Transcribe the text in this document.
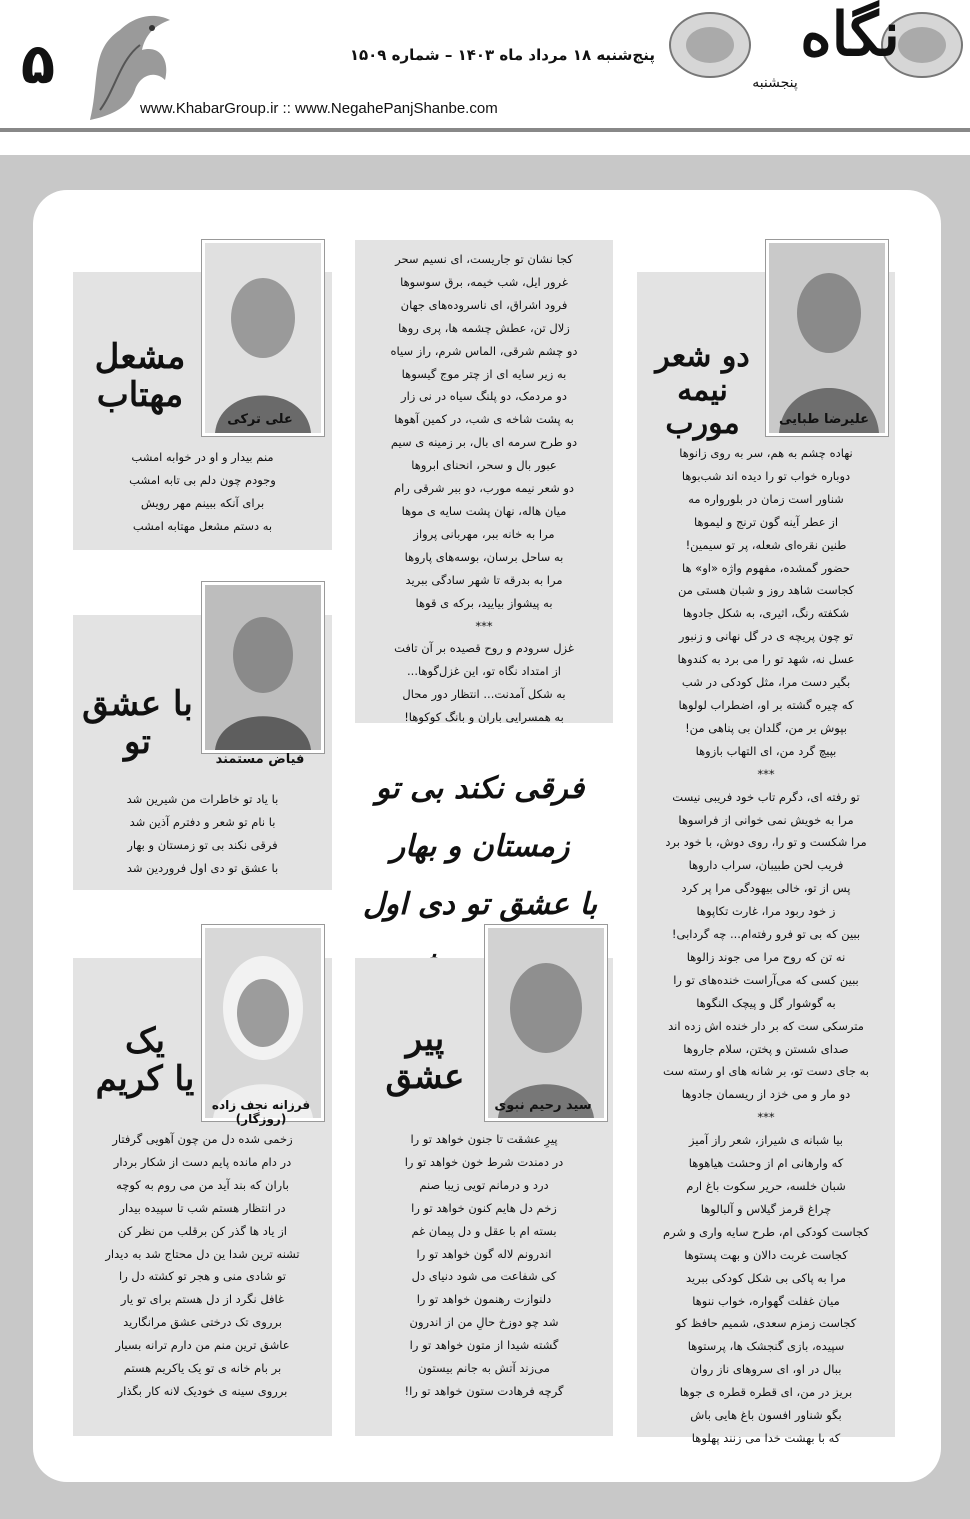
۵	پنج‌شنبه ۱۸ مرداد ماه ۱۴۰۳ – شماره ۱۵۰۹
www.KhabarGroup.ir :: www.NegahePanjShanbe.com
نگاه
پنجشنبه
دو شعر
نیمه مورب	علیرضا طبایی
نهاده چشم به هم، سر به روی زانوها
دوباره خواب تو را دیده اند شب‌بوها
شناور است زمان در بلورواره مه
از عطر آینه گون ترنج و لیموها
طنین نقره‌ای شعله، پر تو سیمین!
حضور گمشده، مفهوم واژه «او» ها
کجاست شاهد روز و شبان هستی من
شکفته رنگ، اثیری، به شکل جادوها
تو چون پریچه ی در گل نهانی و زنبور
عسل نه، شهد تو را می برد به کندوها
بگیر دست مرا، مثل کودکی در شب
که چیره گشته بر او، اضطراب لولوها
بپوش بر من، گلدان بی پناهی من!
بپیچ گرد من، ای التهاب بازوها
***
تو رفته ای، دگرم تاب خود فریبی نیست
مرا به خویش نمی خوانی از فراسوها
مرا شکست و تو را، روی دوش، با خود برد
فریب لحن طبیبان، سراب داروها
پس از تو، خالی بیهودگی مرا پر کرد
ز خود ربود مرا، غارت تکاپوها
ببین که بی تو فرو رفته‌ام... چه گردابی!
نه تن که روح مرا می جوند زالوها
ببین کسی که می‌آراست خنده‌های تو را
به گوشوار گل و پیچک النگوها
مترسکی ست که بر دار خنده اش زده اند
صدای شستن و پختن، سلام جاروها
به جای دست تو، بر شانه های او رسته ست
دو مار و می خزد از ریسمان جادوها
***
بیا شبانه ی شیراز، شعر راز آمیز
که وارهانی ام از وحشت هیاهوها
شبان خلسه، حریر سکوت باغ ارم
چراغ قرمز گیلاس و آلبالوها
کجاست کودکی ام، طرح سایه واری و شرم
کجاست غربت دالان و بهت پستوها
مرا به پاکی بی شکل کودکی ببرید
میان غفلت گهواره، خواب ننوها
کجاست زمزم سعدی، شمیم حافظ کو
سپیده، بازی گنجشک ها، پرستوها
ببال در او، ای سروهای ناز روان
بریز در من، ای قطره قطره ی جوها
بگو شناور افسون باغ هایی باش
که با بهشت خدا می زنند پهلوها
کجا نشان تو جاریست، ای نسیم سحر
غرور ایل، شب خیمه، برق سوسوها
فرود اشراق، ای ناسروده‌های جهان
زلال تن، عطش چشمه ها، پری روها
دو چشم شرقی، الماس شرم، راز سیاه
به زیر سایه ای از چتر موج گیسوها
دو مردمک، دو پلنگ سیاه در نی زار
به پشت شاخه ی شب، در کمین آهوها
دو طرح سرمه ای بال، بر زمینه ی سیم
عبور بال و سحر، انحنای ابروها
دو شعر نیمه مورب، دو ببر شرقی رام
میان هاله، نهان پشت سایه ی موها
مرا به خانه ببر، مهربانی پرواز
به ساحل برسان، بوسه‌های پاروها
مرا به بدرقه تا شهر سادگی ببرید
به پیشواز بیایید، برکه ی قوها
***
غزل سرودم و روح قصیده بر آن تافت
از امتداد نگاه تو، این غزل‌گوها...
به شکل آمدنت... انتظار دور محال
به همسرایی باران و بانگ کوکوها!
فرقی نکند بی تو زمستان و بهار
با عشق تو دی اول
پیر
عشق
سید رحیم نبوی
پیرِ عشقت تا جنون خواهد تو را
در دمندت شرط خون خواهد تو را
درد و درمانم تویی زیبا صنم
زخم دل هایم کنون خواهد تو را
بسته ام با عقل و دل پیمان غم
اندرونم لاله گون خواهد تو را
کی شفاعت می شود دنیای دل
دلنوازت رهنمون خواهد تو را
شد چو دوزخ حالِ من از اندرون
گشته شیدا از متون خواهد تو را
می‌زند آتش به جانم بیستون
گرچه فرهادت ستون خواهد تو را!
مشعل
مهتاب
علی ترکی
منم بیدار و او در خوابه امشب
وجودم چون دلم بی تابه امشب
برای آنکه ببینم مهر رویش
به دستم مشعل مهتابه امشب
با عشق
تو	فیاض مستمند
با یاد تو خاطرات من شیرین شد
با نام تو شعر و دفترم آذین شد
فرقی نکند بی تو زمستان و بهار
با عشق تو دی اول فروردین شد
یک
یا کریم
فرزانه نجف زاده (روزگار)
زخمی شده دل من چون آهویی گرفتار
در دام مانده پایم دست از شکار بردار
باران که بند آید من می روم به کوچه
در انتظار هستم شب تا سپیده بیدار
از یاد ها گذر کن برقلب من نظر کن
تشنه ترین شدا ین دل محتاج شد به دیدار
تو شادی منی و هجر تو کشته دل را
غافل نگرد از دل هستم برای تو یار
برروی تک درختی عشق مرانگارید
عاشق ترین منم من دارم ترانه بسیار
بر بام خانه ی تو یک یاکریم هستم
برروی سینه ی خودیک لانه کار بگذار
